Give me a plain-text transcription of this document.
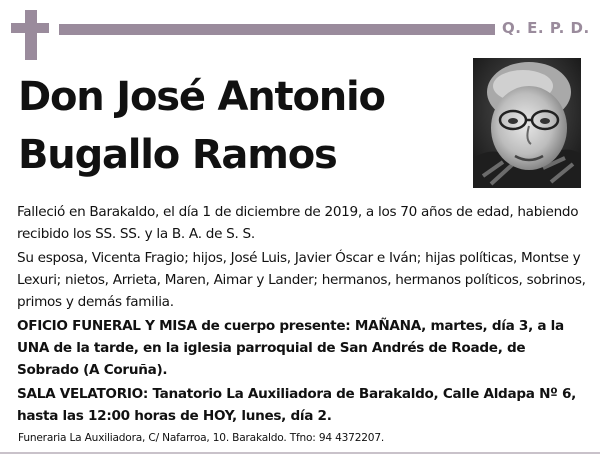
Q. E. P. D.
Don José Antonio
Bugallo Ramos

Falleció en Barakaldo, el día 1 de diciembre de 2019, a los 70 años de edad, habiendo recibido los SS. SS. y la B. A. de S. S.

Su esposa, Vicenta Fragio; hijos, José Luis, Javier Óscar e Iván; hijas políticas, Montse y Lexuri; nietos, Arrieta, Maren, Aimar y Lander; hermanos, hermanos políticos, sobrinos, primos y demás familia.

OFICIO FUNERAL Y MISA de cuerpo presente: MAÑANA, martes, día 3, a la UNA de la tarde, en la iglesia parroquial de San Andrés de Roade, de Sobrado (A Coruña).

SALA VELATORIO: Tanatorio La Auxiliadora de Barakaldo, Calle Aldapa Nº 6, hasta las 12:00 horas de HOY, lunes, día 2.

Funeraria La Auxiliadora, C/ Nafarroa, 10. Barakaldo. Tfno: 94 4372207.
